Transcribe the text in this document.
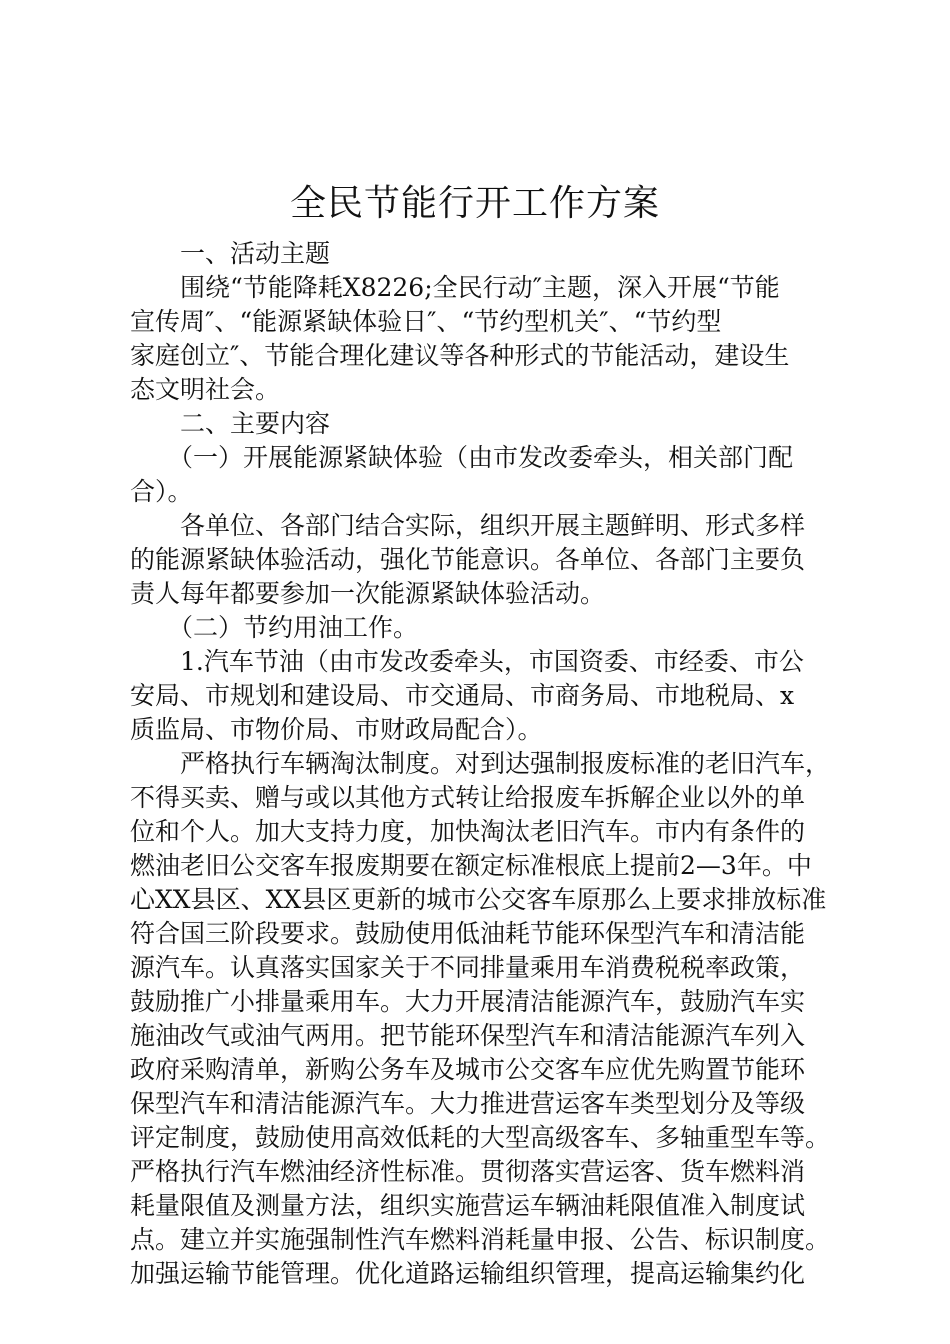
全民节能行开工作方案

一、活动主题

围绕“节能降耗X8226;全民行动″主题，深入开展“节能

宣传周″、“能源紧缺体验日″、“节约型机关″、“节约型

家庭创立″、节能合理化建议等各种形式的节能活动，建设生

态文明社会。

二、主要内容

（一）开展能源紧缺体验（由市发改委牵头，相关部门配

合）。

各单位、各部门结合实际，组织开展主题鲜明、形式多样

的能源紧缺体验活动，强化节能意识。各单位、各部门主要负

责人每年都要参加一次能源紧缺体验活动。

（二）节约用油工作。

1.汽车节油（由市发改委牵头，市国资委、市经委、市公

安局、市规划和建设局、市交通局、市商务局、市地税局、x

质监局、市物价局、市财政局配合）。

严格执行车辆淘汰制度。对到达强制报废标准的老旧汽车，

不得买卖、赠与或以其他方式转让给报废车拆解企业以外的单

位和个人。加大支持力度，加快淘汰老旧汽车。市内有条件的

燃油老旧公交客车报废期要在额定标准根底上提前2—3年。中

心XX县区、XX县区更新的城市公交客车原那么上要求排放标准

符合国三阶段要求。鼓励使用低油耗节能环保型汽车和清洁能

源汽车。认真落实国家关于不同排量乘用车消费税税率政策，

鼓励推广小排量乘用车。大力开展清洁能源汽车，鼓励汽车实

施油改气或油气两用。把节能环保型汽车和清洁能源汽车列入

政府采购清单，新购公务车及城市公交客车应优先购置节能环

保型汽车和清洁能源汽车。大力推进营运客车类型划分及等级

评定制度，鼓励使用高效低耗的大型高级客车、多轴重型车等。

严格执行汽车燃油经济性标准。贯彻落实营运客、货车燃料消

耗量限值及测量方法，组织实施营运车辆油耗限值准入制度试

点。建立并实施强制性汽车燃料消耗量申报、公告、标识制度。

加强运输节能管理。优化道路运输组织管理，提高运输集约化
